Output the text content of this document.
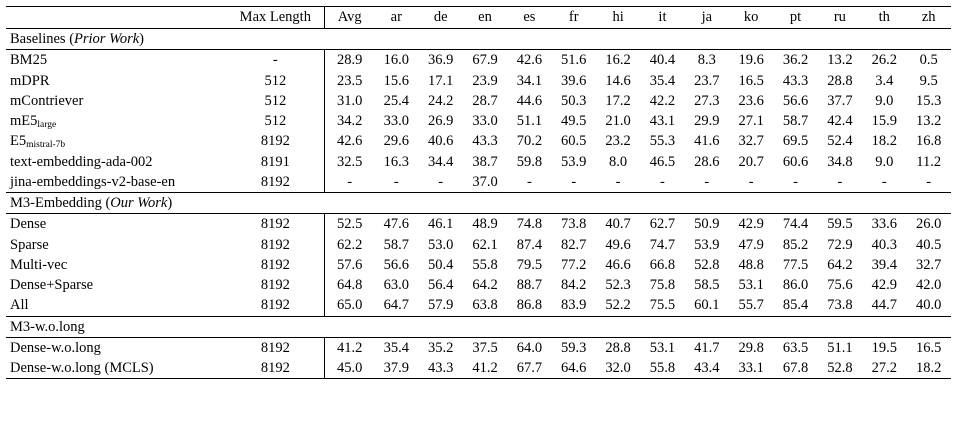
	Max Length	Avg	ar	de	en	es	fr	hi	it	ja	ko	pt	ru	th	zh
Baselines (Prior Work)															
BM25	-	28.9	16.0	36.9	67.9	42.6	51.6	16.2	40.4	8.3	19.6	36.2	13.2	26.2	0.5
mDPR	512	23.5	15.6	17.1	23.9	34.1	39.6	14.6	35.4	23.7	16.5	43.3	28.8	3.4	9.5
mContriever	512	31.0	25.4	24.2	28.7	44.6	50.3	17.2	42.2	27.3	23.6	56.6	37.7	9.0	15.3
$mE5_{large}$	512	34.2	33.0	26.9	33.0	51.1	49.5	21.0	43.1	29.9	27.1	58.7	42.4	15.9	13.2
$E5_{mistral-7b}$	8192	42.6	29.6	40.6	43.3	70.2	60.5	23.2	55.3	41.6	32.7	69.5	52.4	18.2	16.8
text-embedding-ada-002	8191	32.5	16.3	34.4	38.7	59.8	53.9	8.0	46.5	28.6	20.7	60.6	34.8	9.0	11.2
jina-embeddings-v2-base-en	8192	-	-	-	37.0	-	-	-	-	-	-	-	-	-	-
M3-Embedding (Our Work)															
Dense	8192	52.5	47.6	46.1	48.9	74.8	73.8	40.7	62.7	50.9	42.9	74.4	59.5	33.6	26.0
Sparse	8192	62.2	58.7	53.0	62.1	87.4	82.7	49.6	74.7	53.9	47.9	85.2	72.9	40.3	40.5
Multi-vec	8192	57.6	56.6	50.4	55.8	79.5	77.2	46.6	66.8	52.8	48.8	77.5	64.2	39.4	32.7
Dense+Sparse	8192	64.8	63.0	56.4	64.2	88.7	84.2	52.3	75.8	58.5	53.1	86.0	75.6	42.9	42.0
All	8192	65.0	64.7	57.9	63.8	86.8	83.9	52.2	75.5	60.1	55.7	85.4	73.8	44.7	40.0
M3-w.o.long															
Dense-w.o.long	8192	41.2	35.4	35.2	37.5	64.0	59.3	28.8	53.1	41.7	29.8	63.5	51.1	19.5	16.5
Dense-w.o.long (MCLS)	8192	45.0	37.9	43.3	41.2	67.7	64.6	32.0	55.8	43.4	33.1	67.8	52.8	27.2	18.2
